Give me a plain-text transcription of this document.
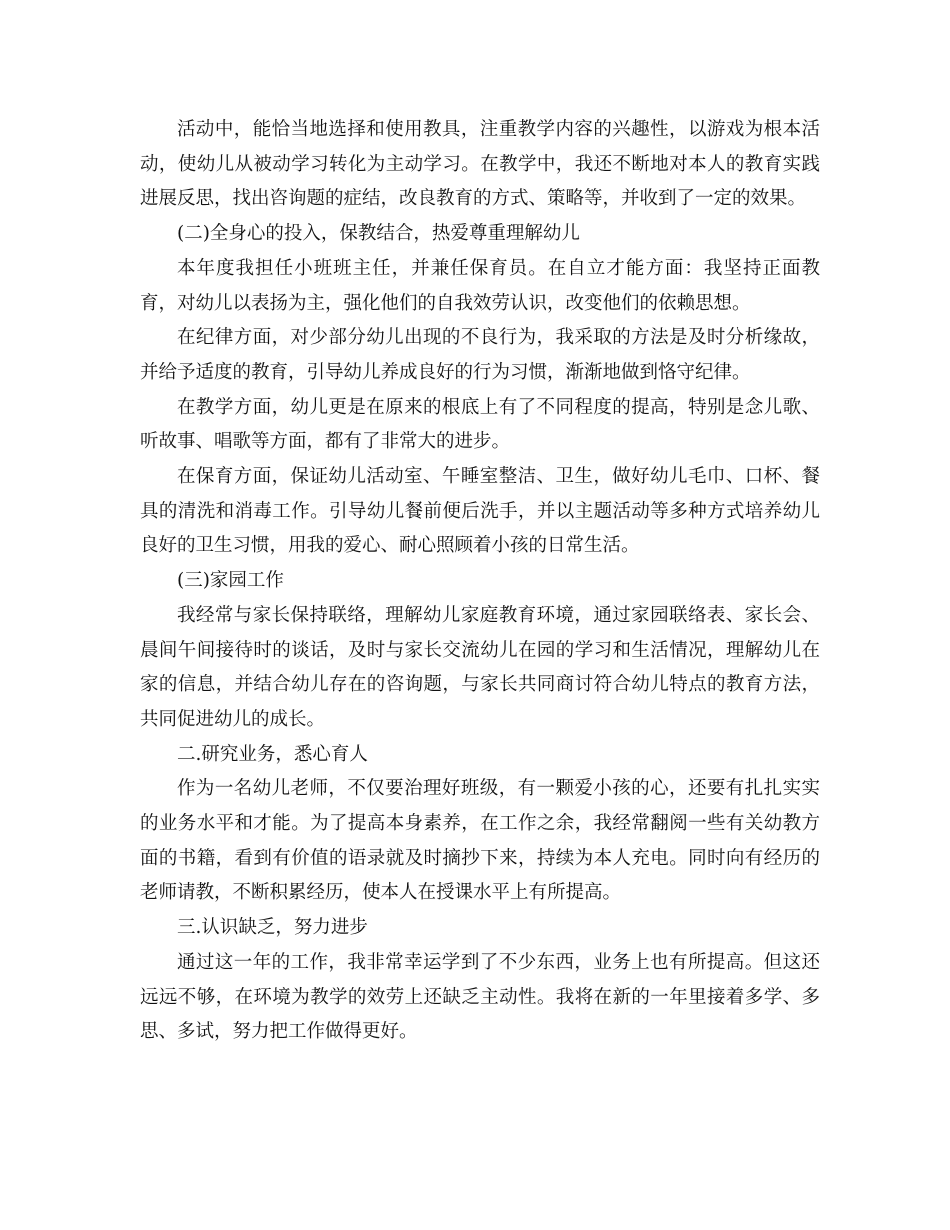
活动中，能恰当地选择和使用教具，注重教学内容的兴趣性，以游戏为根本活动，使幼儿从被动学习转化为主动学习。在教学中，我还不断地对本人的教育实践进展反思，找出咨询题的症结，改良教育的方式、策略等，并收到了一定的效果。

(二)全身心的投入，保教结合，热爱尊重理解幼儿

本年度我担任小班班主任，并兼任保育员。在自立才能方面：我坚持正面教育，对幼儿以表扬为主，强化他们的自我效劳认识，改变他们的依赖思想。

在纪律方面，对少部分幼儿出现的不良行为，我采取的方法是及时分析缘故，并给予适度的教育，引导幼儿养成良好的行为习惯，渐渐地做到恪守纪律。

在教学方面，幼儿更是在原来的根底上有了不同程度的提高，特别是念儿歌、听故事、唱歌等方面，都有了非常大的进步。

在保育方面，保证幼儿活动室、午睡室整洁、卫生，做好幼儿毛巾、口杯、餐具的清洗和消毒工作。引导幼儿餐前便后洗手，并以主题活动等多种方式培养幼儿良好的卫生习惯，用我的爱心、耐心照顾着小孩的日常生活。

(三)家园工作

我经常与家长保持联络，理解幼儿家庭教育环境，通过家园联络表、家长会、晨间午间接待时的谈话，及时与家长交流幼儿在园的学习和生活情况，理解幼儿在家的信息，并结合幼儿存在的咨询题，与家长共同商讨符合幼儿特点的教育方法，共同促进幼儿的成长。

二.研究业务，悉心育人

作为一名幼儿老师，不仅要治理好班级，有一颗爱小孩的心，还要有扎扎实实的业务水平和才能。为了提高本身素养，在工作之余，我经常翻阅一些有关幼教方面的书籍，看到有价值的语录就及时摘抄下来，持续为本人充电。同时向有经历的老师请教，不断积累经历，使本人在授课水平上有所提高。

三.认识缺乏，努力进步

通过这一年的工作，我非常幸运学到了不少东西，业务上也有所提高。但这还远远不够，在环境为教学的效劳上还缺乏主动性。我将在新的一年里接着多学、多思、多试，努力把工作做得更好。
